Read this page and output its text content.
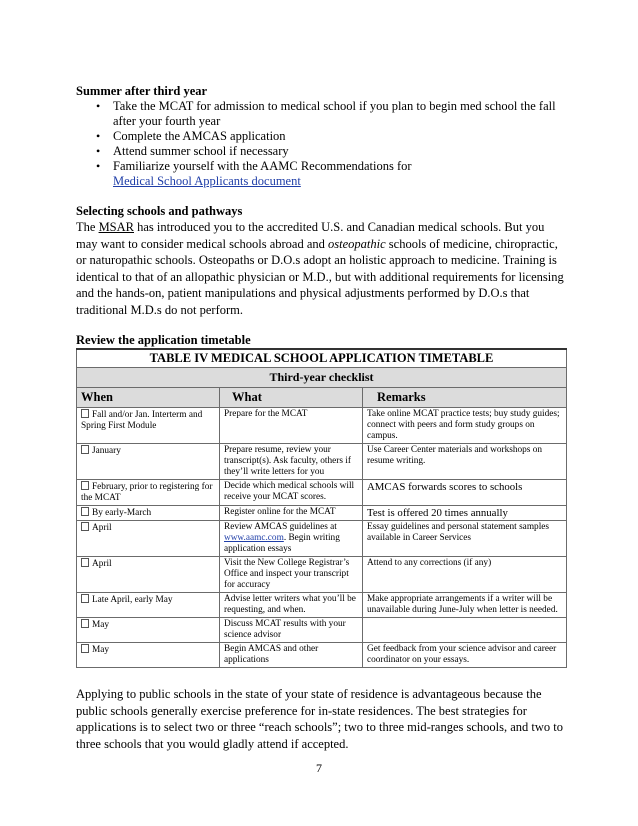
Summer after third year
• Take the MCAT for admission to medical school if you plan to begin med school the fall after your fourth year
• Complete the AMCAS application
• Attend summer school if necessary
• Familiarize yourself with the AAMC Recommendations for
Medical School Applicants document
Selecting schools and pathways

The MSAR has introduced you to the accredited U.S. and Canadian medical schools. But you may want to consider medical schools abroad and osteopathic schools of medicine, chiropractic, or naturopathic schools. Osteopaths or D.O.s adopt an holistic approach to medicine. Training is identical to that of an allopathic physician or M.D., but with additional requirements for licensing and the hands-on, patient manipulations and physical adjustments performed by D.O.s that traditional M.D.s do not perform.

Review the application timetable
TABLE IV MEDICAL SCHOOL APPLICATION TIMETABLE		
Third-year checklist		
When	What	Remarks
Fall and/or Jan. Interterm and Spring First Module	Prepare for the MCAT	Take online MCAT practice tests; buy study guides; connect with peers and form study groups on campus.
January	Prepare resume, review your transcript(s). Ask faculty, others if they’ll write letters for you	Use Career Center materials and workshops on resume writing.
February, prior to registering for the MCAT	Decide which medical schools will receive your MCAT scores.	AMCAS forwards scores to schools
By early-March	Register online for the MCAT	Test is offered 20 times annually
April	Review AMCAS guidelines at www.aamc.com. Begin writing application essays	Essay guidelines and personal statement samples available in Career Services
April	Visit the New College Registrar’s Office and inspect your transcript for accuracy	Attend to any corrections (if any)
Late April, early May	Advise letter writers what you’ll be requesting, and when.	Make appropriate arrangements if a writer will be unavailable during June-July when letter is needed.
May	Discuss MCAT results with your science advisor	
May	Begin AMCAS and other applications	Get feedback from your science advisor and career coordinator on your essays.

Applying to public schools in the state of your state of residence is advantageous because the public schools generally exercise preference for in-state residences. The best strategies for applications is to select two or three “reach schools”; two to three mid-ranges schools, and two to three schools that you would gladly attend if accepted.

7
